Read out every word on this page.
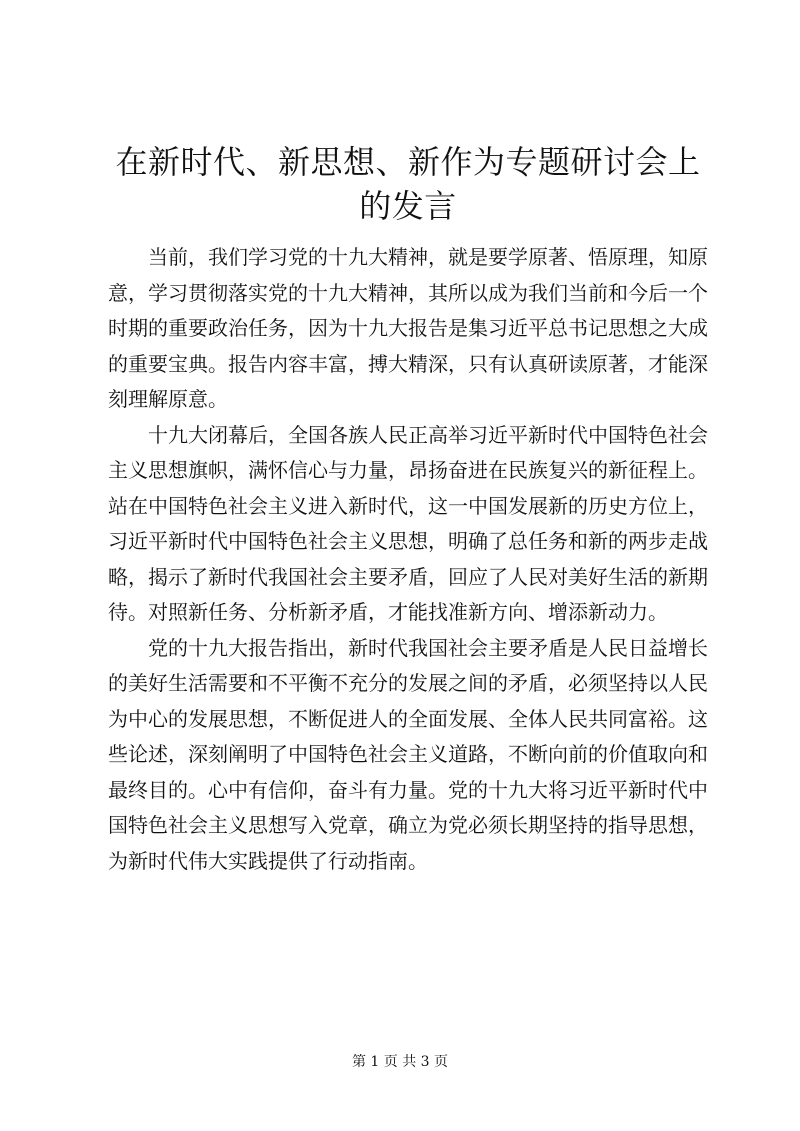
在新时代、新思想、新作为专题研讨会上的发言

当前，我们学习党的十九大精神，就是要学原著、悟原理，知原意，学习贯彻落实党的十九大精神，其所以成为我们当前和今后一个时期的重要政治任务，因为十九大报告是集习近平总书记思想之大成的重要宝典。报告内容丰富，搏大精深，只有认真研读原著，才能深刻理解原意。

十九大闭幕后，全国各族人民正高举习近平新时代中国特色社会主义思想旗帜，满怀信心与力量，昂扬奋进在民族复兴的新征程上。站在中国特色社会主义进入新时代，这一中国发展新的历史方位上，习近平新时代中国特色社会主义思想，明确了总任务和新的两步走战略，揭示了新时代我国社会主要矛盾，回应了人民对美好生活的新期待。对照新任务、分析新矛盾，才能找准新方向、增添新动力。

党的十九大报告指出，新时代我国社会主要矛盾是人民日益增长的美好生活需要和不平衡不充分的发展之间的矛盾，必须坚持以人民为中心的发展思想，不断促进人的全面发展、全体人民共同富裕。这些论述，深刻阐明了中国特色社会主义道路，不断向前的价值取向和最终目的。心中有信仰，奋斗有力量。党的十九大将习近平新时代中国特色社会主义思想写入党章，确立为党必须长期坚持的指导思想，为新时代伟大实践提供了行动指南。

第 1 页 共 3 页
